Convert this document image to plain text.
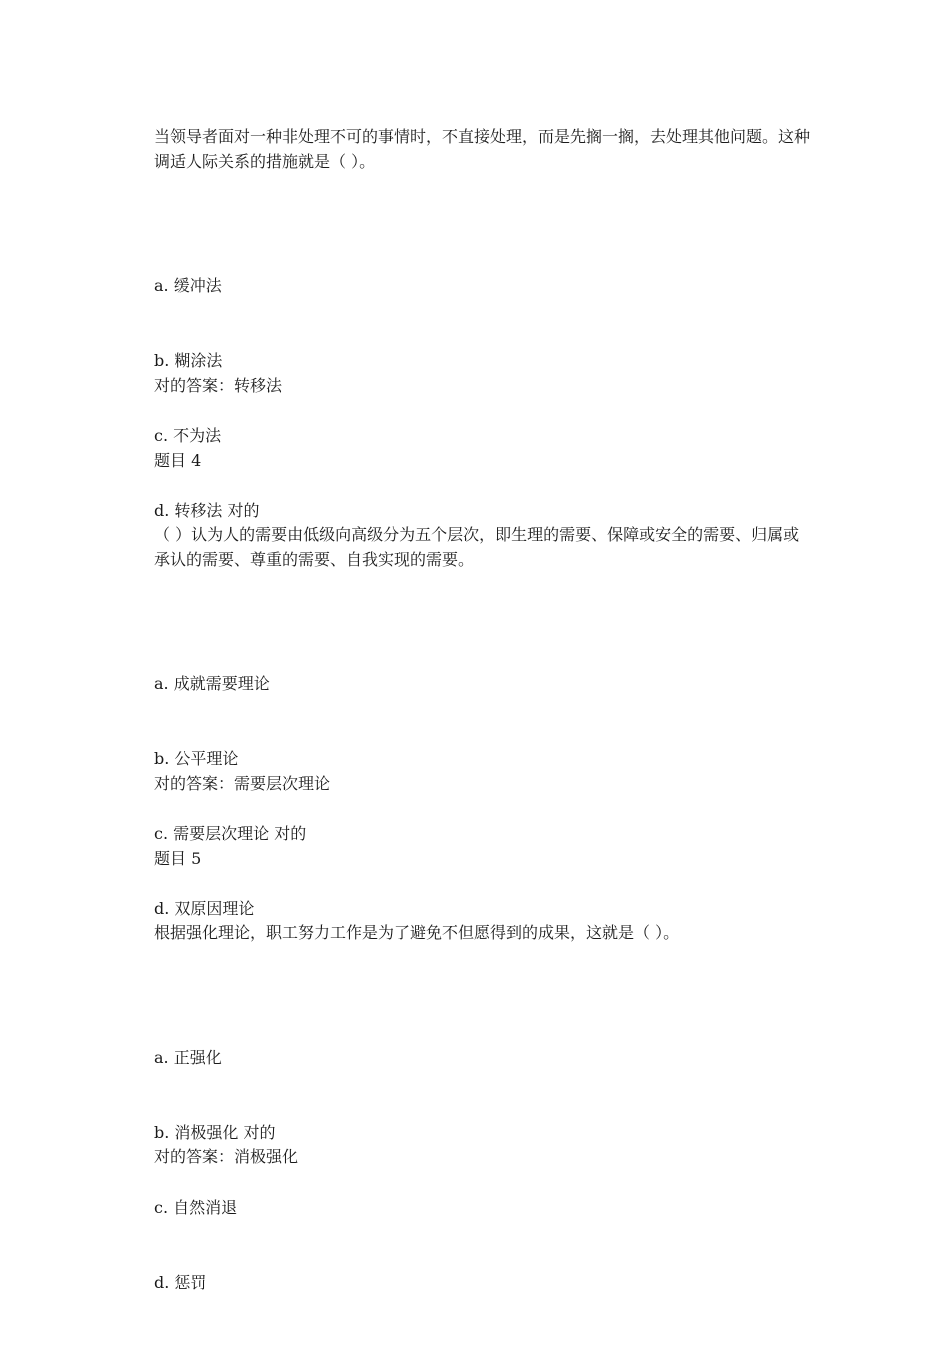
当领导者面对一种非处理不可的事情时，不直接处理，而是先搁一搁，去处理其他问题。这种调适人际关系的措施就是（ ）。

a. 缓冲法

b. 糊涂法

c. 不为法

d. 转移法 对的

对的答案：转移法
题目 4
（ ）认为人的需要由低级向高级分为五个层次，即生理的需要、保障或安全的需要、归属或承认的需要、尊重的需要、自我实现的需要。

a. 成就需要理论

b. 公平理论

c. 需要层次理论 对的

d. 双原因理论

对的答案：需要层次理论
题目 5
根据强化理论，职工努力工作是为了避免不但愿得到的成果，这就是（ ）。

a. 正强化

b. 消极强化 对的

c. 自然消退

d. 惩罚

对的答案：消极强化
